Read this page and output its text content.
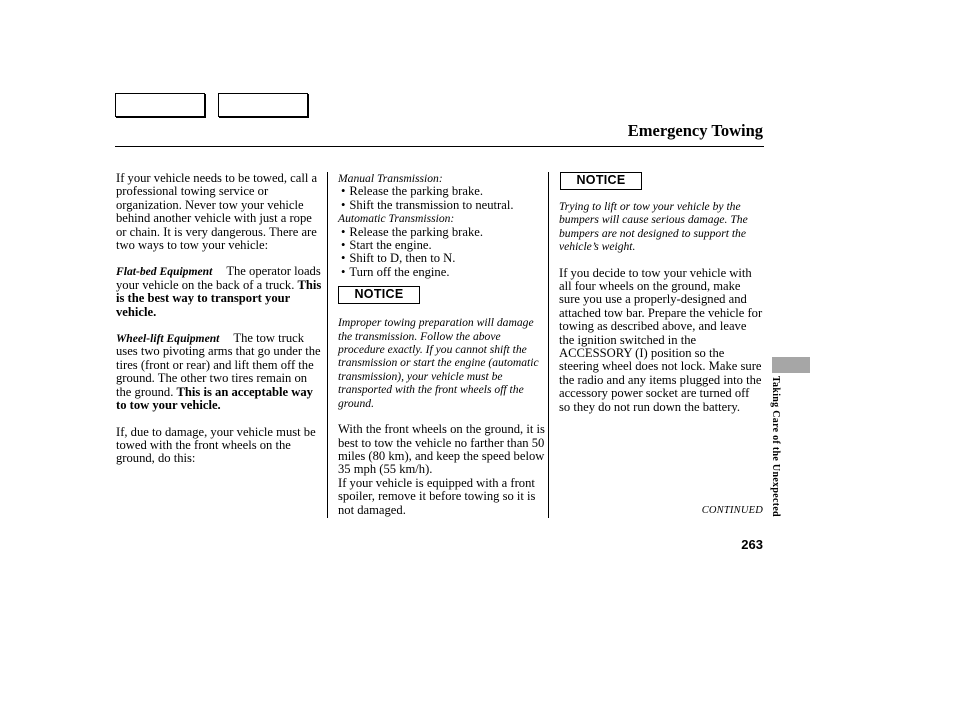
Emergency Towing

If your vehicle needs to be towed, call a professional towing service or organization. Never tow your vehicle behind another vehicle with just a rope or chain. It is very dangerous. There are two ways to tow your vehicle:

Flat-bed Equipment The operator loads your vehicle on the back of a truck. This is the best way to transport your vehicle.

Wheel-lift Equipment The tow truck uses two pivoting arms that go under the tires (front or rear) and lift them off the ground. The other two tires remain on the ground. This is an acceptable way to tow your vehicle.

If, due to damage, your vehicle must be towed with the front wheels on the ground, do this:

Manual Transmission:

• Release the parking brake.
• Shift the transmission to neutral.

Automatic Transmission:

• Release the parking brake.
• Start the engine.
• Shift to D, then to N.
• Turn off the engine.
NOTICE

Improper towing preparation will damage the transmission. Follow the above procedure exactly. If you cannot shift the transmission or start the engine (automatic transmission), your vehicle must be transported with the front wheels off the ground.

With the front wheels on the ground, it is best to tow the vehicle no farther than 50 miles (80 km), and keep the speed below 35 mph (55 km/h).

If your vehicle is equipped with a front spoiler, remove it before towing so it is not damaged.

NOTICE

Trying to lift or tow your vehicle by the bumpers will cause serious damage. The bumpers are not designed to support the vehicle’s weight.

If you decide to tow your vehicle with all four wheels on the ground, make sure you use a properly-designed and attached tow bar. Prepare the vehicle for towing as described above, and leave the ignition switched in the ACCESSORY (I) position so the steering wheel does not lock. Make sure the radio and any items plugged into the accessory power socket are turned off so they do not run down the battery.	Taking Care of the Unexpected
CONTINUED
263
